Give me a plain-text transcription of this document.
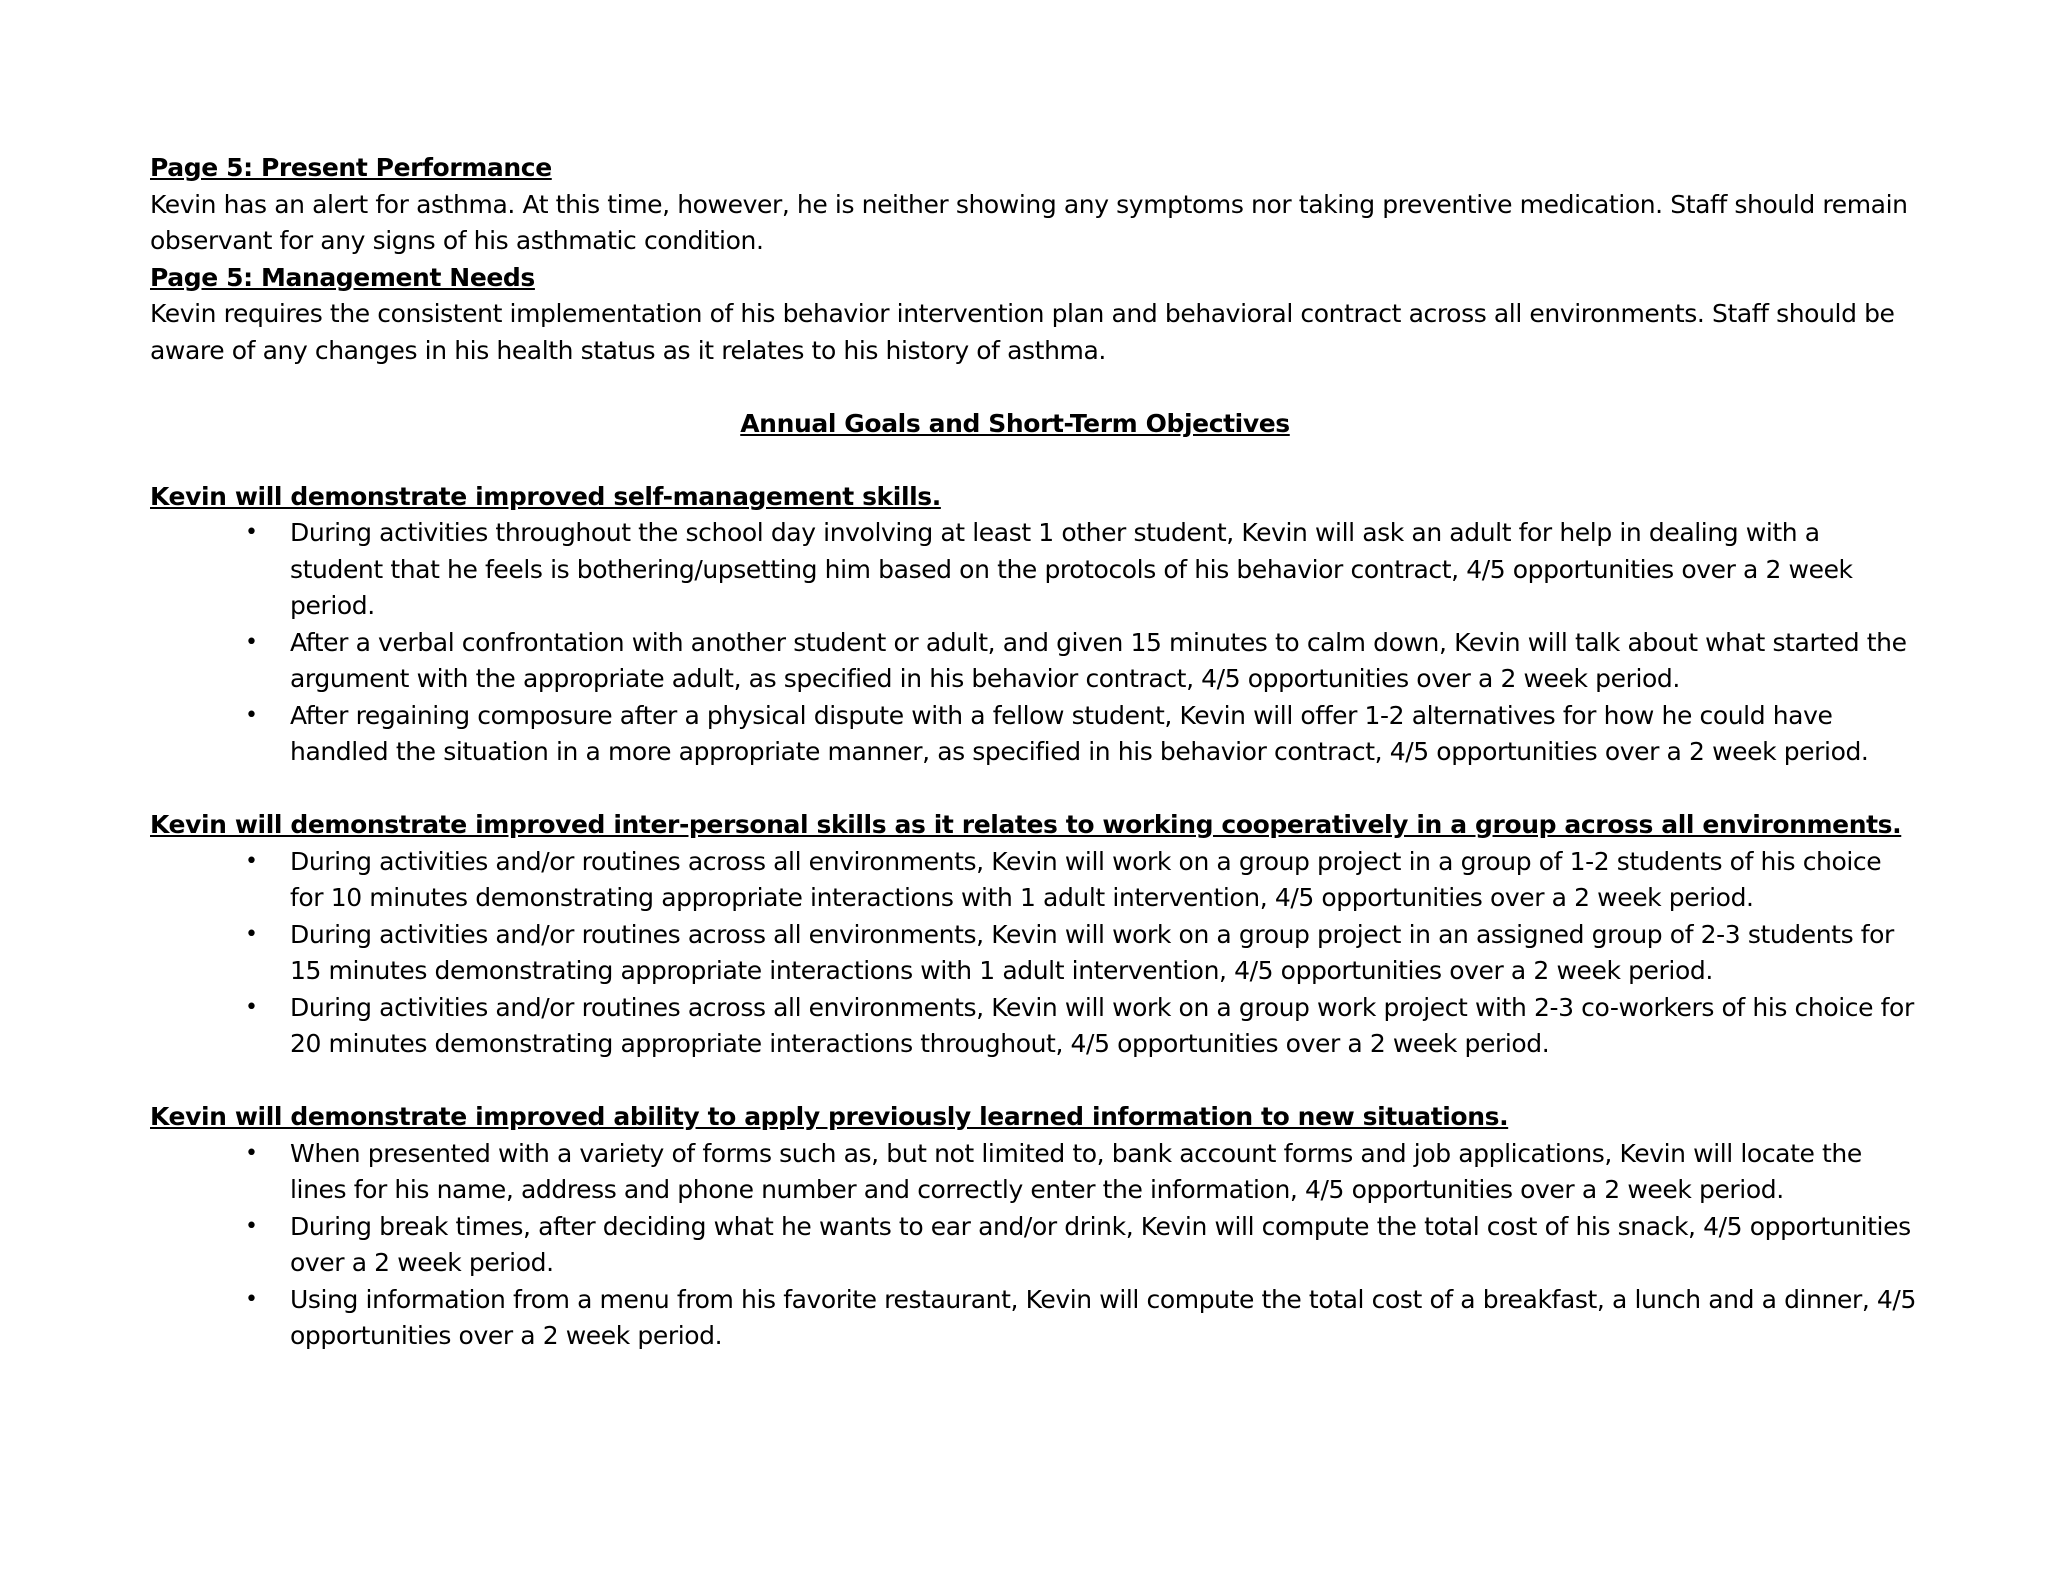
Page 5: Present Performance

Kevin has an alert for asthma. At this time, however, he is neither showing any symptoms nor taking preventive medication. Staff should remain observant for any signs of his asthmatic condition.

Page 5: Management Needs

Kevin requires the consistent implementation of his behavior intervention plan and behavioral contract across all environments. Staff should be aware of any changes in his health status as it relates to his history of asthma.

Annual Goals and Short-Term Objectives

Kevin will demonstrate improved self-management skills.

• During activities throughout the school day involving at least 1 other student, Kevin will ask an adult for help in dealing with a student that he feels is bothering/upsetting him based on the protocols of his behavior contract, 4/5 opportunities over a 2 week period.
• After a verbal confrontation with another student or adult, and given 15 minutes to calm down, Kevin will talk about what started the argument with the appropriate adult, as specified in his behavior contract, 4/5 opportunities over a 2 week period.
• After regaining composure after a physical dispute with a fellow student, Kevin will offer 1-2 alternatives for how he could have handled the situation in a more appropriate manner, as specified in his behavior contract, 4/5 opportunities over a 2 week period.

Kevin will demonstrate improved inter-personal skills as it relates to working cooperatively in a group across all environments.

• During activities and/or routines across all environments, Kevin will work on a group project in a group of 1-2 students of his choice for 10 minutes demonstrating appropriate interactions with 1 adult intervention, 4/5 opportunities over a 2 week period.
• During activities and/or routines across all environments, Kevin will work on a group project in an assigned group of 2-3 students for 15 minutes demonstrating appropriate interactions with 1 adult intervention, 4/5 opportunities over a 2 week period.
• During activities and/or routines across all environments, Kevin will work on a group work project with 2-3 co-workers of his choice for 20 minutes demonstrating appropriate interactions throughout, 4/5 opportunities over a 2 week period.

Kevin will demonstrate improved ability to apply previously learned information to new situations.

• When presented with a variety of forms such as, but not limited to, bank account forms and job applications, Kevin will locate the lines for his name, address and phone number and correctly enter the information, 4/5 opportunities over a 2 week period.
• During break times, after deciding what he wants to ear and/or drink, Kevin will compute the total cost of his snack, 4/5 opportunities over a 2 week period.
• Using information from a menu from his favorite restaurant, Kevin will compute the total cost of a breakfast, a lunch and a dinner, 4/5 opportunities over a 2 week period.
